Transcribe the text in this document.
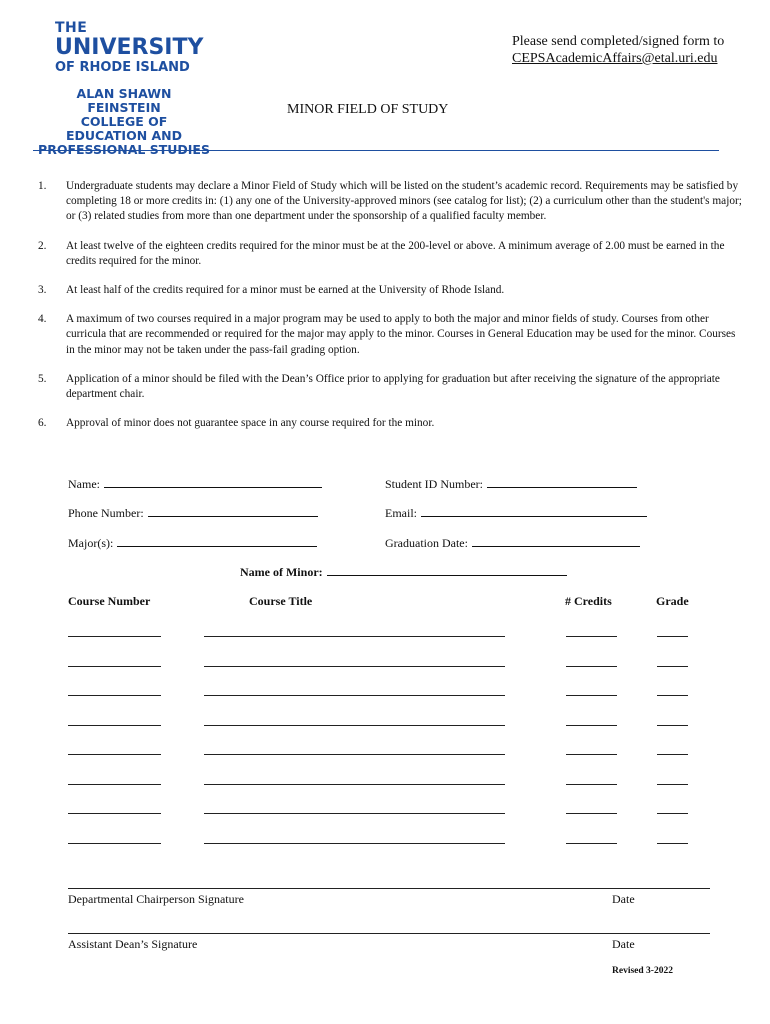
THE
UNIVERSITY
OF RHODE ISLAND
ALAN SHAWN FEINSTEIN
COLLEGE OF
EDUCATION AND
PROFESSIONAL STUDIES
Please send completed/signed form to
CEPSAcademicAffairs@etal.uri.edu
MINOR FIELD OF STUDY
1.	Undergraduate students may declare a Minor Field of Study which will be listed on the student’s academic record. Requirements may be satisfied by completing 18 or more credits in: (1) any one of the University-approved minors (see catalog for list); (2) a curriculum other than the student's major; or (3) related studies from more than one department under the sponsorship of a qualified faculty member.
2.	At least twelve of the eighteen credits required for the minor must be at the 200-level or above. A minimum average of 2.00 must be earned in the credits required for the minor.
3.	At least half of the credits required for a minor must be earned at the University of Rhode Island.
4.	A maximum of two courses required in a major program may be used to apply to both the major and minor fields of study. Courses from other curricula that are recommended or required for the major may apply to the minor. Courses in General Education may be used for the minor. Courses in the minor may not be taken under the pass-fail grading option.
5.	Application of a minor should be filed with the Dean’s Office prior to applying for graduation but after receiving the signature of the appropriate department chair.
6.	Approval of minor does not guarantee space in any course required for the minor.
Name:	Student ID Number:
Phone Number:	Email:
Major(s):	Graduation Date:
Name of Minor:
Course Number	Course Title	# Credits	Grade
Departmental Chairperson Signature	Date
Assistant Dean’s Signature	Date
Revised 3-2022
